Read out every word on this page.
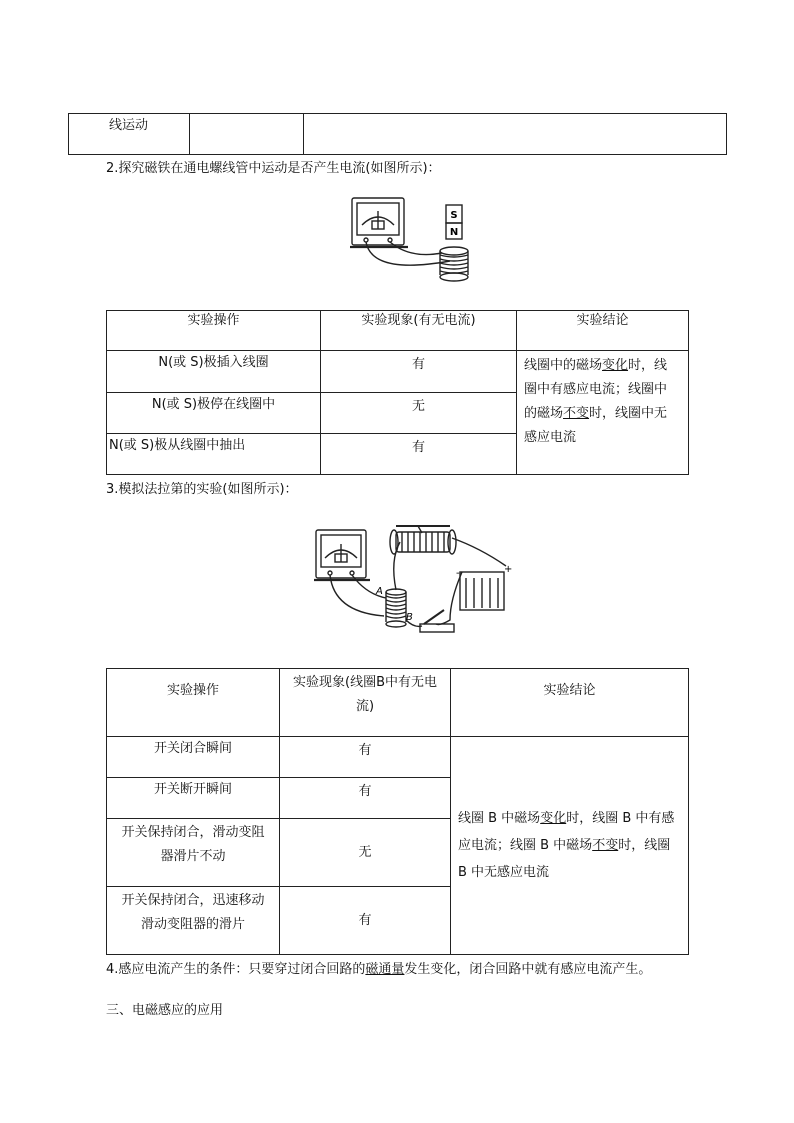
线运动

2.探究磁铁在通电螺线管中运动是否产生电流(如图所示)：
S
N
实验操作	实验现象(有无电流)	实验结论
N(或 S)极插入线圈	有	线圈中的磁场变化时，线
圈中有感应电流；线圈中
的磁场不变时，线圈中无
感应电流

N(或 S)极停在线圈中	无	
N(或 S)极从线圈中抽出	有	
3.模拟法拉第的实验(如图所示)：
A
B
-	+
实验操作	实验现象(线圈B中有无电
流)	实验结论
开关闭合瞬间	有	线圈 B 中磁场变化时，线圈 B 中有感
应电流；线圈 B 中磁场不变时，线圈
B 中无感应电流

开关断开瞬间	有	

开关保持闭合，滑动变阻
器滑片不动	无	

开关保持闭合，迅速移动
滑动变阻器的滑片	有	
4.感应电流产生的条件：只要穿过闭合回路的磁通量发生变化，闭合回路中就有感应电流产生。
三、电磁感应的应用
